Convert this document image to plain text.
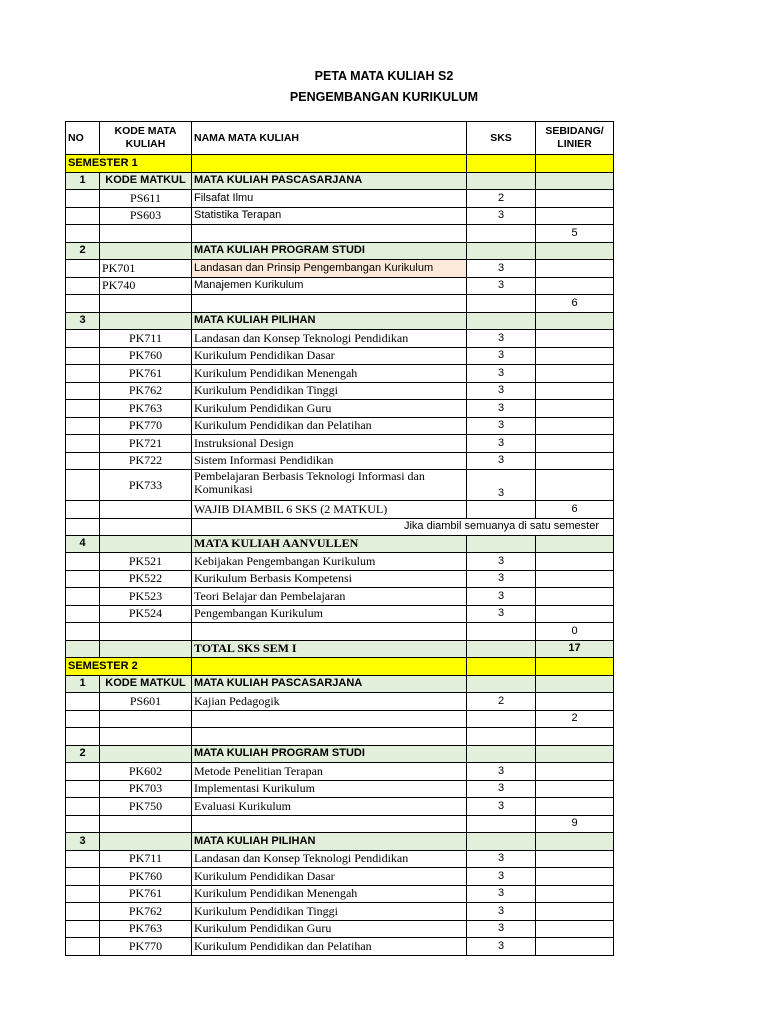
PETA MATA KULIAH S2
PENGEMBANGAN KURIKULUM
NO	KODE MATA KULIAH	NAMA MATA KULIAH	SKS	SEBIDANG/ LINIER
SEMESTER 1				
1	KODE MATKUL	MATA KULIAH PASCASARJANA		
	PS611	Filsafat Ilmu	2	
	PS603	Statistika Terapan	3	
				5
2		MATA KULIAH PROGRAM STUDI		
	PK701	Landasan dan Prinsip Pengembangan Kurikulum	3	
	PK740	Manajemen Kurikulum	3	
				6
3		MATA KULIAH PILIHAN		
	PK711	Landasan dan Konsep Teknologi Pendidikan	3	
	PK760	Kurikulum Pendidikan Dasar	3	
	PK761	Kurikulum Pendidikan Menengah	3	
	PK762	Kurikulum Pendidikan Tinggi	3	
	PK763	Kurikulum Pendidikan Guru	3	
	PK770	Kurikulum Pendidikan dan Pelatihan	3	
	PK721	Instruksional Design	3	
	PK722	Sistem Informasi Pendidikan	3	
	PK733	Pembelajaran Berbasis Teknologi Informasi dan Komunikasi	3	
		WAJIB DIAMBIL 6 SKS (2 MATKUL)		6
		Jika diambil semuanya di satu semester		
4		MATA KULIAH AANVULLEN		
	PK521	Kebijakan Pengembangan Kurikulum	3	
	PK522	Kurikulum Berbasis Kompetensi	3	
	PK523	Teori Belajar dan Pembelajaran	3	
	PK524	Pengembangan Kurikulum	3	
				0
		TOTAL SKS SEM I		17
SEMESTER 2				
1	KODE MATKUL	MATA KULIAH PASCASARJANA		
	PS601	Kajian Pedagogik	2	
				2

2		MATA KULIAH PROGRAM STUDI		
	PK602	Metode Penelitian Terapan	3	
	PK703	Implementasi Kurikulum	3	
	PK750	Evaluasi Kurikulum	3	
				9
3		MATA KULIAH PILIHAN		
	PK711	Landasan dan Konsep Teknologi Pendidikan	3	
	PK760	Kurikulum Pendidikan Dasar	3	
	PK761	Kurikulum Pendidikan Menengah	3	
	PK762	Kurikulum Pendidikan Tinggi	3	
	PK763	Kurikulum Pendidikan Guru	3	
	PK770	Kurikulum Pendidikan dan Pelatihan	3	
